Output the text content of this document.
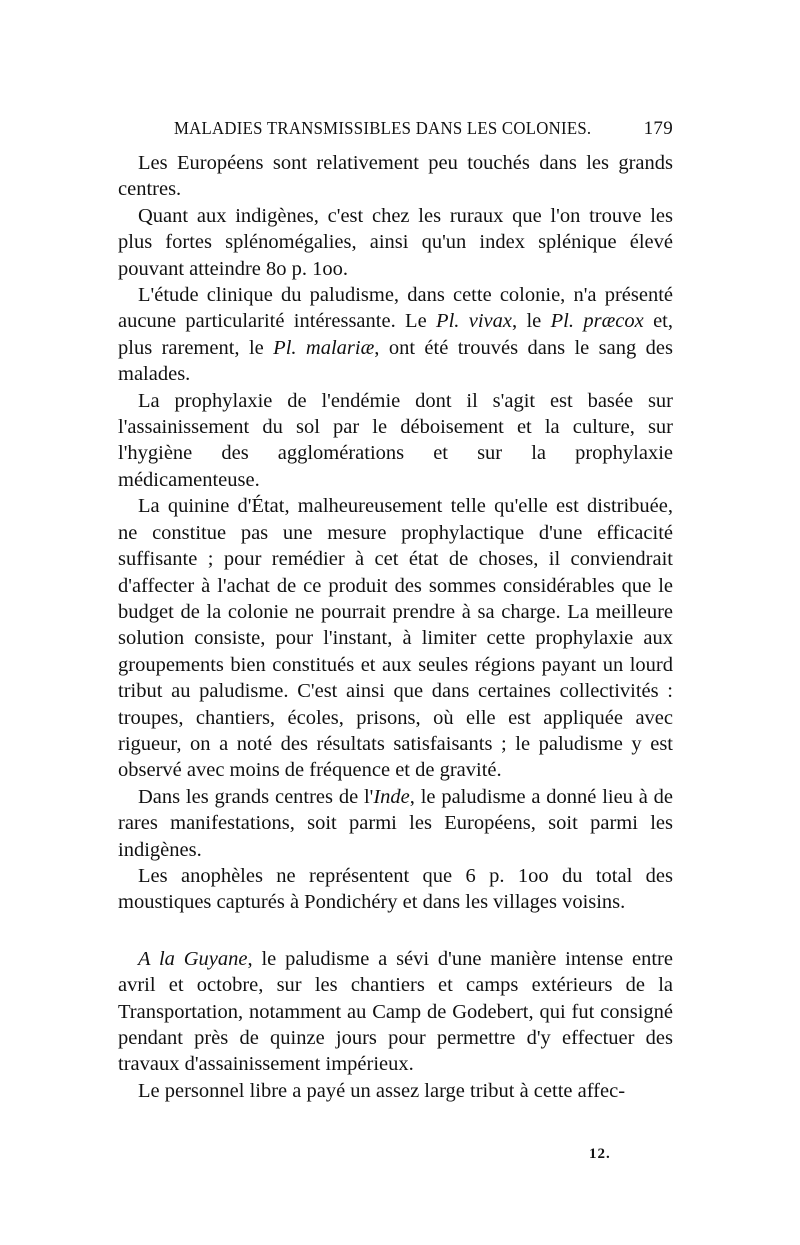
MALADIES TRANSMISSIBLES DANS LES COLONIES.	179

Les Européens sont relativement peu touchés dans les grands centres.

Quant aux indigènes, c'est chez les ruraux que l'on trouve les plus fortes splénomégalies, ainsi qu'un index splénique élevé pouvant atteindre 8o p. 1oo.

L'étude clinique du paludisme, dans cette colonie, n'a présenté aucune particularité intéressante. Le Pl. vivax, le Pl. præcox et, plus rarement, le Pl. malariæ, ont été trouvés dans le sang des malades.

La prophylaxie de l'endémie dont il s'agit est basée sur l'assainissement du sol par le déboisement et la culture, sur l'hygiène des agglomérations et sur la prophylaxie médicamenteuse.

La quinine d'État, malheureusement telle qu'elle est distribuée, ne constitue pas une mesure prophylactique d'une efficacité suffisante ; pour remédier à cet état de choses, il conviendrait d'affecter à l'achat de ce produit des sommes considérables que le budget de la colonie ne pourrait prendre à sa charge. La meilleure solution consiste, pour l'instant, à limiter cette prophylaxie aux groupements bien constitués et aux seules régions payant un lourd tribut au paludisme. C'est ainsi que dans certaines collectivités : troupes, chantiers, écoles, prisons, où elle est appliquée avec rigueur, on a noté des résultats satisfaisants ; le paludisme y est observé avec moins de fréquence et de gravité.

Dans les grands centres de l'Inde, le paludisme a donné lieu à de rares manifestations, soit parmi les Européens, soit parmi les indigènes.

Les anophèles ne représentent que 6 p. 1oo du total des moustiques capturés à Pondichéry et dans les villages voisins.

A la Guyane, le paludisme a sévi d'une manière intense entre avril et octobre, sur les chantiers et camps extérieurs de la Transportation, notamment au Camp de Godebert, qui fut consigné pendant près de quinze jours pour permettre d'y effectuer des travaux d'assainissement impérieux.

Le personnel libre a payé un assez large tribut à cette affec-

12.
